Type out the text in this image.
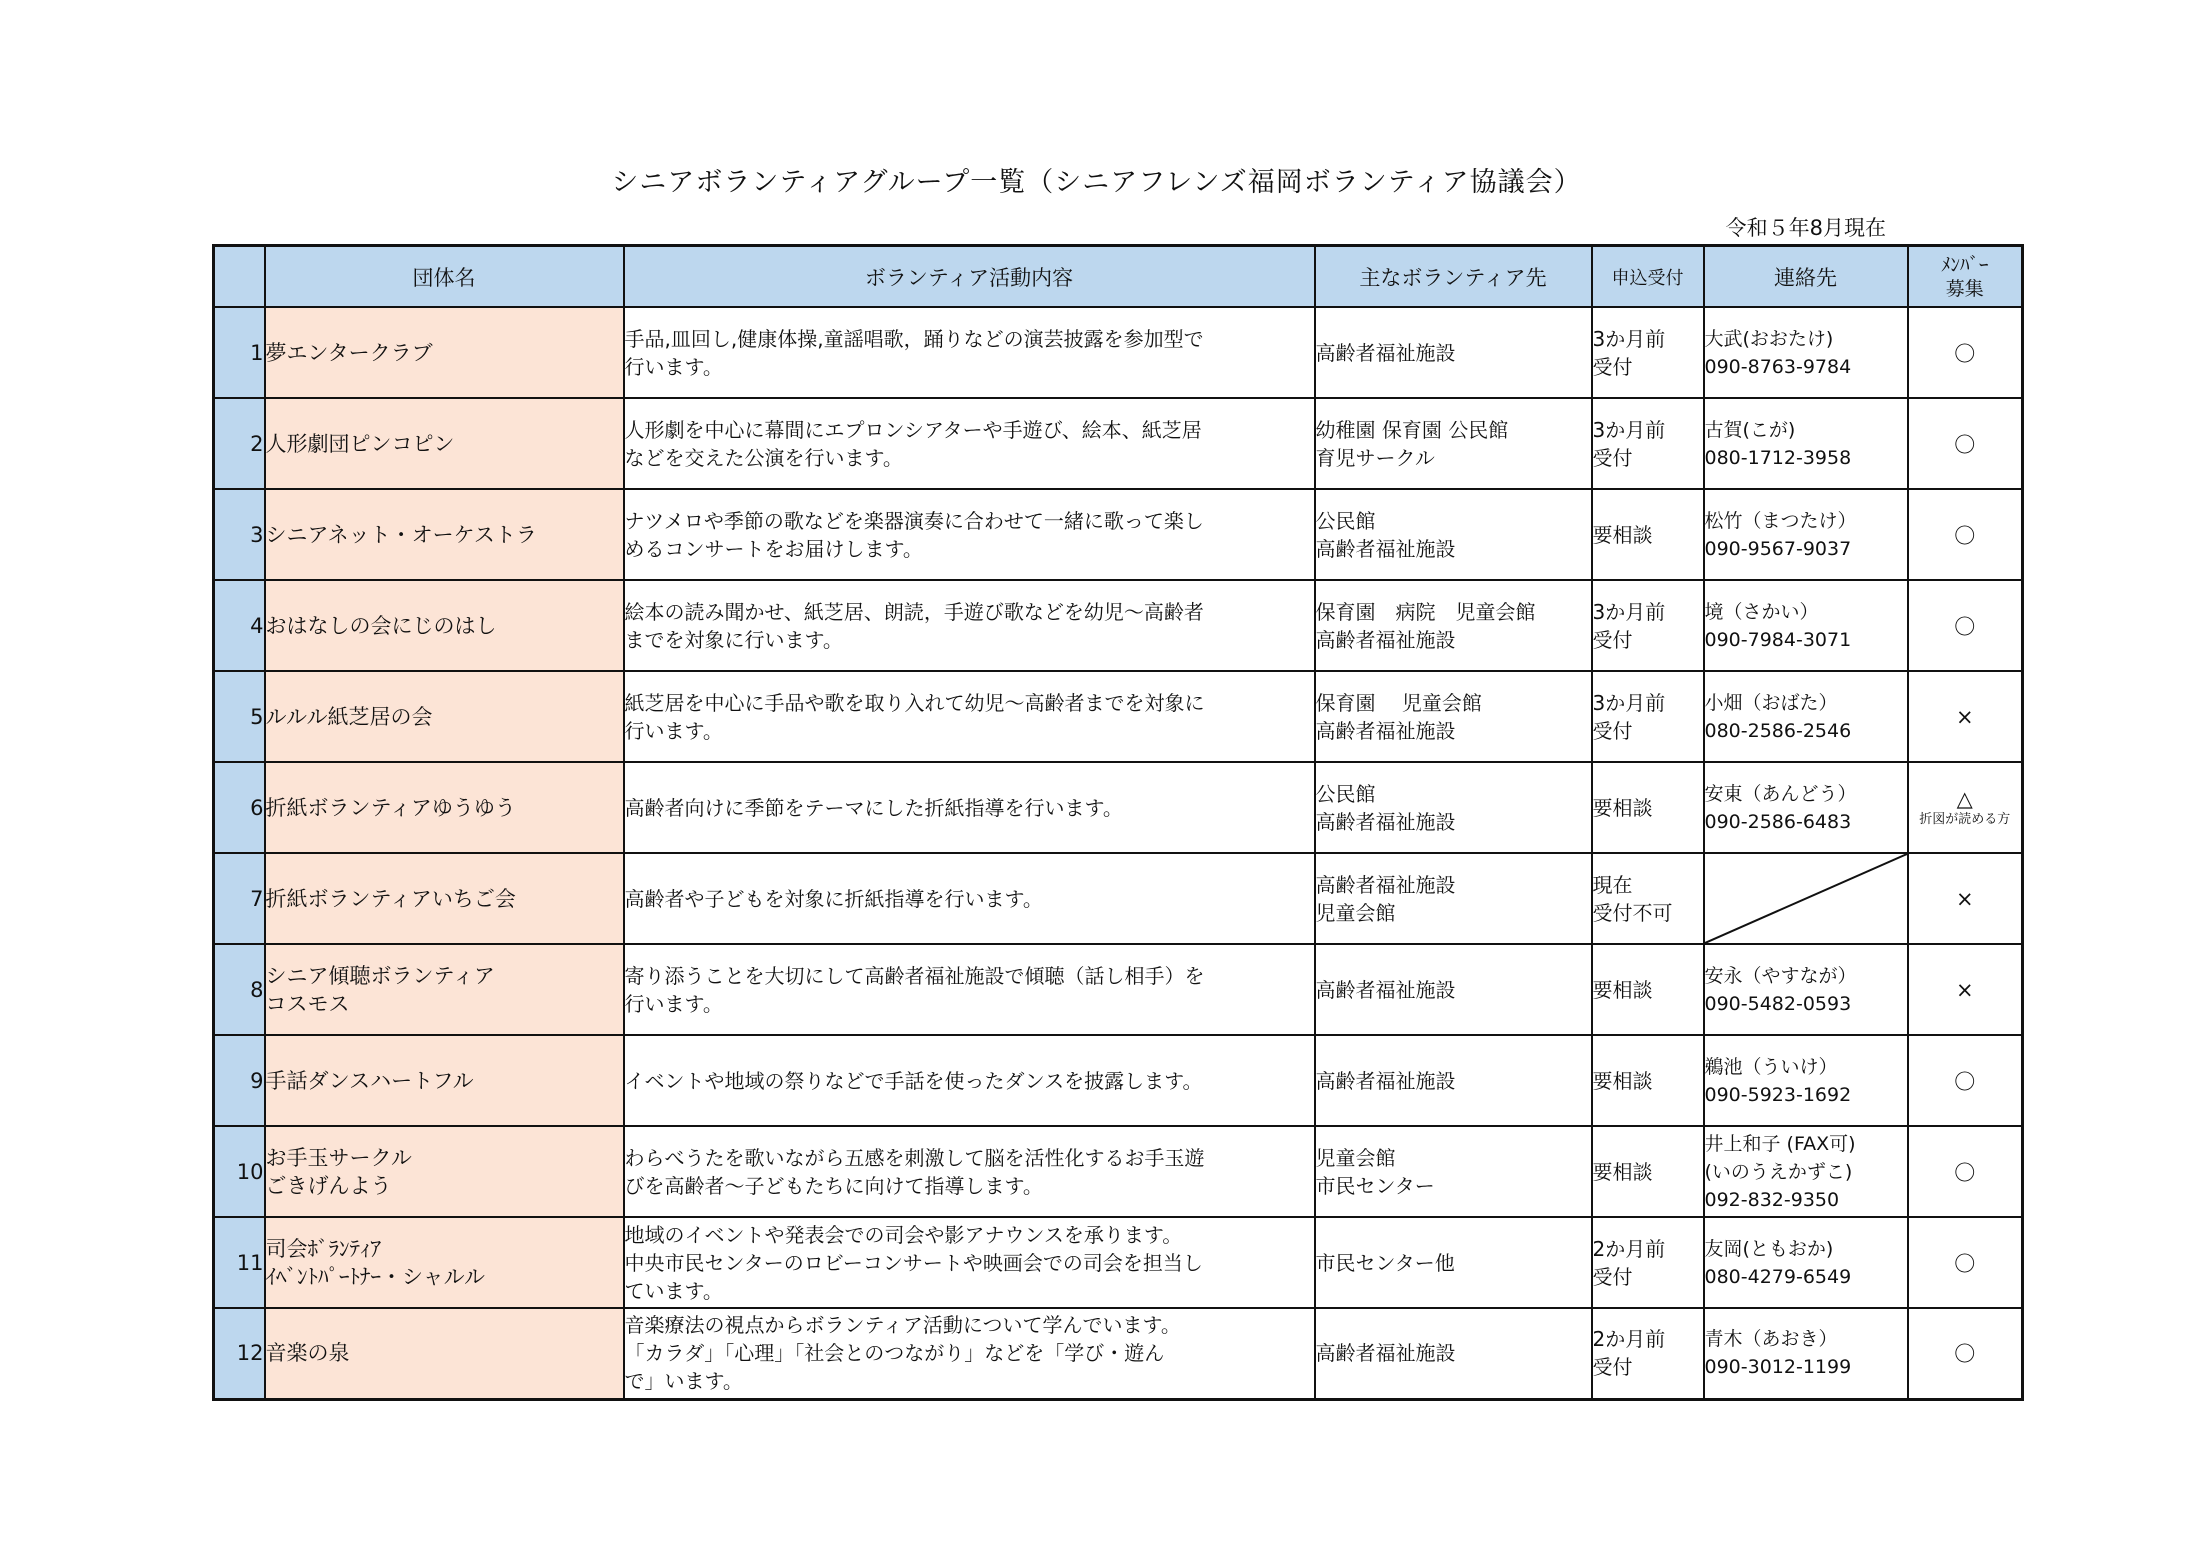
シニアボランティアグループ一覧（シニアフレンズ福岡ボランティア協議会）
令和５年8月現在
	団体名	ボランティア活動内容	主なボランティア先	申込受付	連絡先	ﾒﾝﾊﾞｰ
募集

1	夢エンタークラブ	手品,皿回し,健康体操,童謡唱歌，踊りなどの演芸披露を参加型で
行います。	高齢者福祉施設	3か月前
受付	大武(おおたけ)
090-8763-9784	〇

2	人形劇団ピンコピン	人形劇を中心に幕間にエプロンシアターや手遊び、絵本、紙芝居
などを交えた公演を行います。	幼稚園 保育園 公民館
育児サークル	3か月前
受付	古賀(こが)
080-1712-3958	〇

3	シニアネット・オーケストラ	ナツメロや季節の歌などを楽器演奏に合わせて一緒に歌って楽し
めるコンサートをお届けします。	公民館
高齢者福祉施設	要相談	松竹（まつたけ）
090-9567-9037	〇

4	おはなしの会にじのはし	絵本の読み聞かせ、紙芝居、朗読，手遊び歌などを幼児～高齢者
までを対象に行います。	保育園　病院　児童会館
高齢者福祉施設	3か月前
受付	境（さかい）
090-7984-3071	〇

5	ルルル紙芝居の会	紙芝居を中心に手品や歌を取り入れて幼児～高齢者までを対象に
行います。	保育園　 児童会館
高齢者福祉施設	3か月前
受付	小畑（おばた）
080-2586-2546	×

6	折紙ボランティアゆうゆう	高齢者向けに季節をテーマにした折紙指導を行います。	公民館
高齢者福祉施設	要相談	安東（あんどう）
090-2586-6483	△
折図が読める方

7	折紙ボランティアいちご会	高齢者や子どもを対象に折紙指導を行います。	高齢者福祉施設
児童会館	現在
受付不可		×

8	シニア傾聴ボランティア
コスモス	寄り添うことを大切にして高齢者福祉施設で傾聴（話し相手）を
行います。	高齢者福祉施設	要相談	安永（やすなが）
090-5482-0593	×

9	手話ダンスハートフル	イベントや地域の祭りなどで手話を使ったダンスを披露します。	高齢者福祉施設	要相談	鵜池（ういけ）
090-5923-1692	〇

10	お手玉サークル
ごきげんよう	わらべうたを歌いながら五感を刺激して脳を活性化するお手玉遊
びを高齢者～子どもたちに向けて指導します。	児童会館
市民センター	要相談	井上和子 (FAX可)
(いのうえかずこ)
092-832-9350	〇

11	司会ﾎﾞﾗﾝﾃｨｱ
ｲﾍﾞﾝﾄﾊﾟｰﾄﾅｰ・シャルル	地域のイベントや発表会での司会や影アナウンスを承ります。
中央市民センターのロビーコンサートや映画会での司会を担当し
ています。	市民センター他	2か月前
受付	友岡(ともおか)
080-4279-6549	〇

12	音楽の泉	音楽療法の視点からボランティア活動について学んでいます。
「カラダ」「心理」「社会とのつながり」などを「学び・遊ん
で」います。	高齢者福祉施設	2か月前
受付	青木（あおき）
090-3012-1199	〇
